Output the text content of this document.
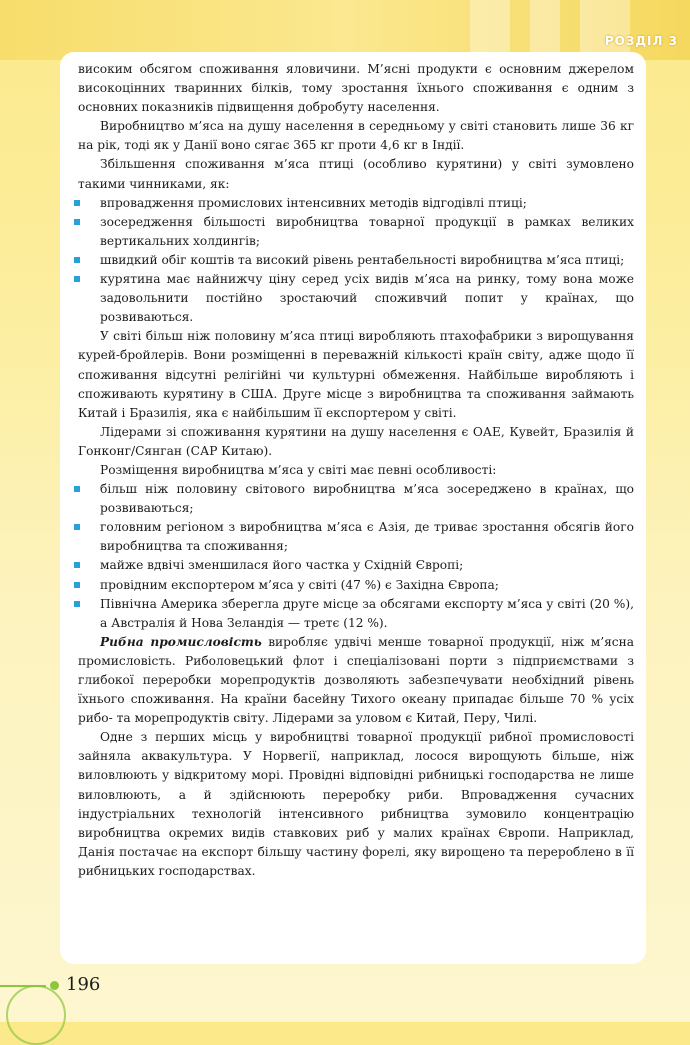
РОЗДІЛ 3

високим обсягом споживання яловичини. М’ясні продукти є основним джерелом високоцінних тваринних білків, тому зростання їхнього споживання є одним з основних показників підвищення добробуту населення.

Виробництво м’яса на душу населення в середньому у світі становить лише 36 кг на рік, тоді як у Данії воно сягає 365 кг проти 4,6 кг в Індії.

Збільшення споживання м’яса птиці (особливо курятини) у світі зумовлено такими чинниками, як:

впровадження промислових інтенсивних методів відгодівлі птиці;
зосередження більшості виробництва товарної продукції в рамках великих вертикальних холдингів;
швидкий обіг коштів та високий рівень рентабельності виробництва м’яса птиці;
курятина має найнижчу ціну серед усіх видів м’яса на ринку, тому вона може задовольнити постійно зростаючий споживчий попит у країнах, що розвиваються.

У світі більш ніж половину м’яса птиці виробляють птахофабрики з вирощування курей-бройлерів. Вони розміщенні в переважній кількості країн світу, адже щодо її споживання відсутні релігійні чи культурні обмеження. Найбільше виробляють і споживають курятину в США. Друге місце з виробництва та споживання займають Китай і Бразилія, яка є найбільшим її експортером у світі.

Лідерами зі споживання курятини на душу населення є ОАЕ, Кувейт, Бразилія й Гонконг/Сянган (САР Китаю).

Розміщення виробництва м’яса у світі має певні особливості:

більш ніж половину світового виробництва м’яса зосереджено в країнах, що розвиваються;
головним регіоном з виробництва м’яса є Азія, де триває зростання обсягів його виробництва та споживання;
майже вдвічі зменшилася його частка у Східній Європі;
провідним експортером м’яса у світі (47 %) є Західна Європа;
Північна Америка зберегла друге місце за обсягами експорту м’яса у світі (20 %), а Австралія й Нова Зеландія — третє (12 %).

Рибна промисловість виробляє удвічі менше товарної продукції, ніж м’ясна промисловість. Риболовецький флот і спеціалізовані порти з підприємствами з глибокої переробки морепродуктів дозволяють забезпечувати необхідний рівень їхнього споживання. На країни басейну Тихого океану припадає більше 70 % усіх рибо- та морепродуктів світу. Лідерами за уловом є Китай, Перу, Чилі.

Одне з перших місць у виробництві товарної продукції рибної промисловості зайняла аквакультура. У Норвегії, наприклад, лосося вирощують більше, ніж виловлюють у відкритому морі. Провідні відповідні рибницькі господарства не лише виловлюють, а й здійснюють переробку риби. Впровадження сучасних індустріальних технологій інтенсивного рибництва зумовило концентрацію виробництва окремих видів ставкових риб у малих країнах Європи. Наприклад, Данія постачає на експорт більшу частину форелі, яку вирощено та перероблено в її рибницьких господарствах.

196
